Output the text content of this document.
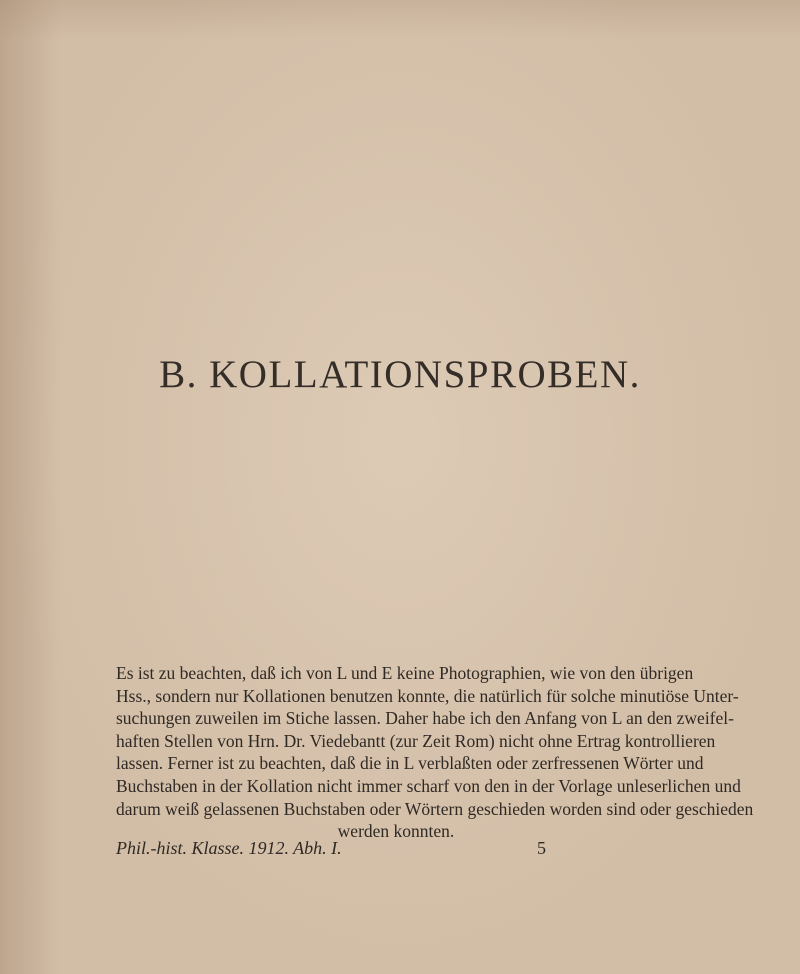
B. KOLLATIONSPROBEN.
Es ist zu beachten, daß ich von L und E keine Photographien, wie von den übrigen
Hss., sondern nur Kollationen benutzen konnte, die natürlich für solche minutiöse Unter-
suchungen zuweilen im Stiche lassen. Daher habe ich den Anfang von L an den zweifel-
haften Stellen von Hrn. Dr. Viedebantt (zur Zeit Rom) nicht ohne Ertrag kontrollieren
lassen. Ferner ist zu beachten, daß die in L verblaßten oder zerfressenen Wörter und
Buchstaben in der Kollation nicht immer scharf von den in der Vorlage unleserlichen und
darum weiß gelassenen Buchstaben oder Wörtern geschieden worden sind oder geschieden
werden konnten.
Phil.-hist. Klasse. 1912. Abh. I.	5
